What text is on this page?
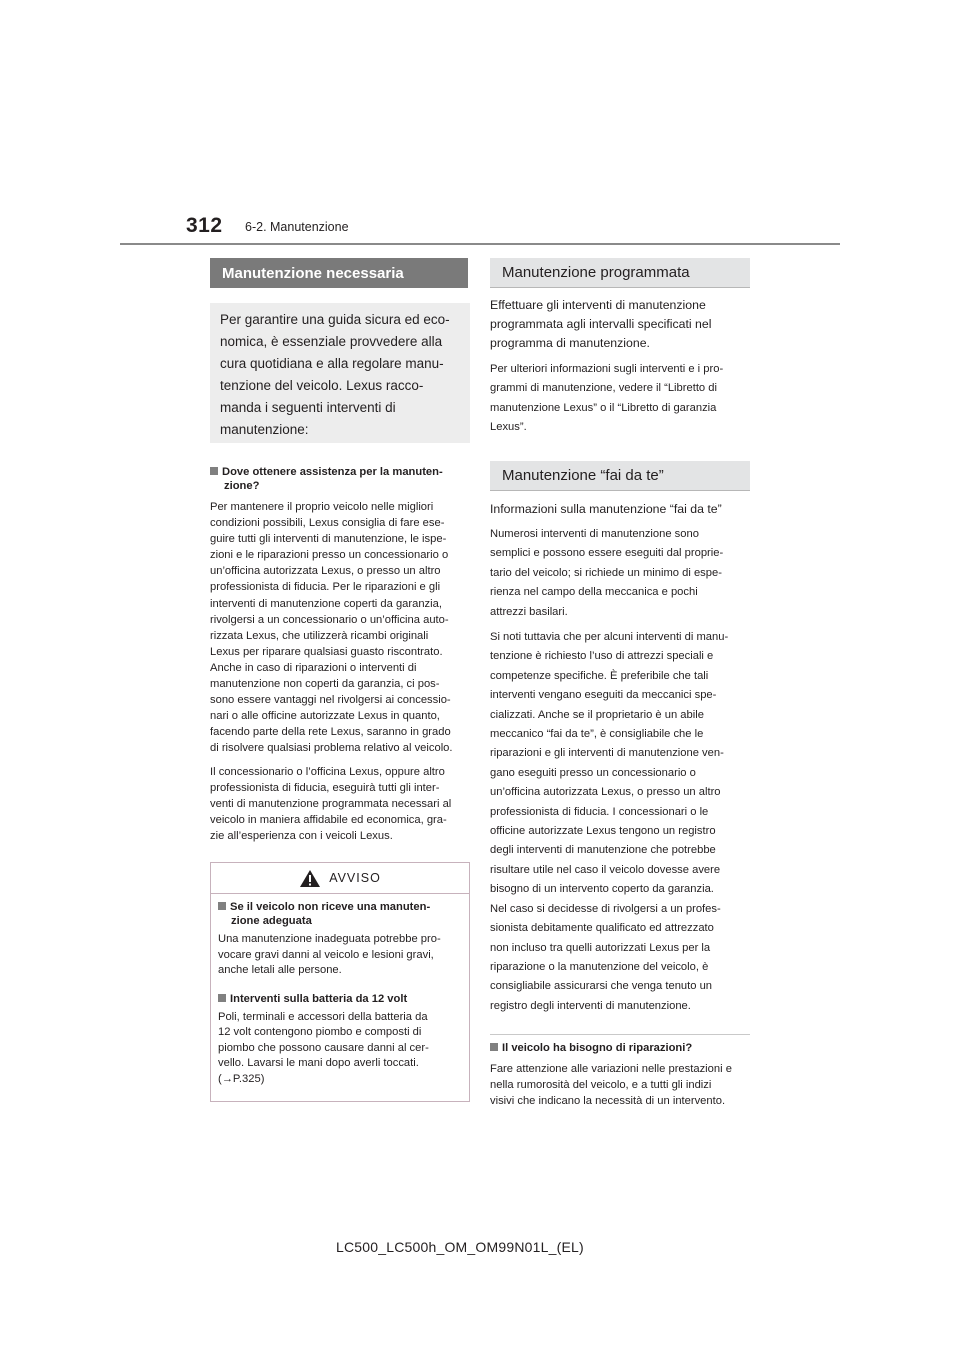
312 6-2. Manutenzione
Manutenzione necessaria
Per garantire una guida sicura ed eco-
nomica, è essenziale provvedere alla
cura quotidiana e alla regolare manu-
tenzione del veicolo. Lexus racco-
manda i seguenti interventi di
manutenzione:
Dove ottenere assistenza per la manuten-
zione?
Per mantenere il proprio veicolo nelle migliori
condizioni possibili, Lexus consiglia di fare ese-
guire tutti gli interventi di manutenzione, le ispe-
zioni e le riparazioni presso un concessionario o
un’officina autorizzata Lexus, o presso un altro
professionista di fiducia. Per le riparazioni e gli
interventi di manutenzione coperti da garanzia,
rivolgersi a un concessionario o un’officina auto-
rizzata Lexus, che utilizzerà ricambi originali
Lexus per riparare qualsiasi guasto riscontrato.
Anche in caso di riparazioni o interventi di
manutenzione non coperti da garanzia, ci pos-
sono essere vantaggi nel rivolgersi ai concessio-
nari o alle officine autorizzate Lexus in quanto,
facendo parte della rete Lexus, saranno in grado
di risolvere qualsiasi problema relativo al veicolo.
Il concessionario o l’officina Lexus, oppure altro
professionista di fiducia, eseguirà tutti gli inter-
venti di manutenzione programmata necessari al
veicolo in maniera affidabile ed economica, gra-
zie all’esperienza con i veicoli Lexus.
AVVISO
Se il veicolo non riceve una manuten-
zione adeguata
Una manutenzione inadeguata potrebbe pro-
vocare gravi danni al veicolo e lesioni gravi,
anche letali alle persone.
Interventi sulla batteria da 12 volt
Poli, terminali e accessori della batteria da
12 volt contengono piombo e composti di
piombo che possono causare danni al cer-
vello. Lavarsi le mani dopo averli toccati.
(→P.325)
Manutenzione programmata
Effettuare gli interventi di manutenzione
programmata agli intervalli specificati nel
programma di manutenzione.
Per ulteriori informazioni sugli interventi e i pro-
grammi di manutenzione, vedere il “Libretto di
manutenzione Lexus” o il “Libretto di garanzia
Lexus”.
Manutenzione “fai da te”
Informazioni sulla manutenzione “fai da te”
Numerosi interventi di manutenzione sono
semplici e possono essere eseguiti dal proprie-
tario del veicolo; si richiede un minimo di espe-
rienza nel campo della meccanica e pochi
attrezzi basilari.
Si noti tuttavia che per alcuni interventi di manu-
tenzione è richiesto l’uso di attrezzi speciali e
competenze specifiche. È preferibile che tali
interventi vengano eseguiti da meccanici spe-
cializzati. Anche se il proprietario è un abile
meccanico “fai da te”, è consigliabile che le
riparazioni e gli interventi di manutenzione ven-
gano eseguiti presso un concessionario o
un’officina autorizzata Lexus, o presso un altro
professionista di fiducia. I concessionari o le
officine autorizzate Lexus tengono un registro
degli interventi di manutenzione che potrebbe
risultare utile nel caso il veicolo dovesse avere
bisogno di un intervento coperto da garanzia.
Nel caso si decidesse di rivolgersi a un profes-
sionista debitamente qualificato ed attrezzato
non incluso tra quelli autorizzati Lexus per la
riparazione o la manutenzione del veicolo, è
consigliabile assicurarsi che venga tenuto un
registro degli interventi di manutenzione.
Il veicolo ha bisogno di riparazioni?
Fare attenzione alle variazioni nelle prestazioni e
nella rumorosità del veicolo, e a tutti gli indizi
visivi che indicano la necessità di un intervento.
LC500_LC500h_OM_OM99N01L_(EL)
